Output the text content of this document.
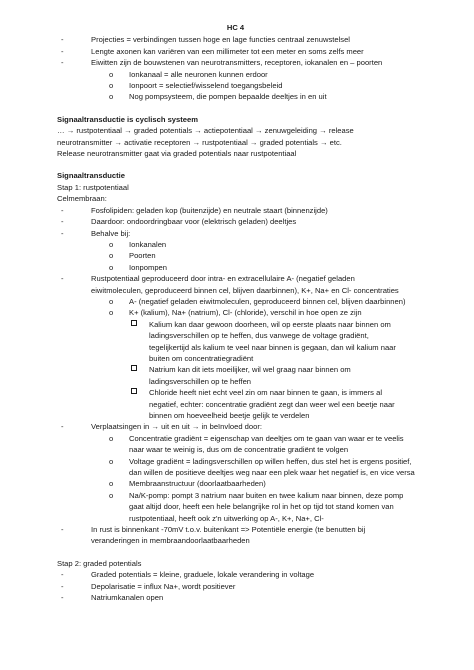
HC 4
-	Projecties = verbindingen tussen hoge en lage functies centraal zenuwstelsel
-	Lengte axonen kan variëren van een millimeter tot een meter en soms zelfs meer
-	Eiwitten zijn de bouwstenen van neurotransmitters, receptoren, iokanalen en – poorten
o Ionkanaal = alle neuronen kunnen erdoor
o Ionpoort = selectief/wisselend toegangsbeleid
o Nog pompsysteem, die pompen bepaalde deeltjes in en uit
Signaaltransductie is cyclisch systeem
… → rustpotentiaal → graded potentials → actiepotentiaal → zenuwgeleiding → release
neurotransmitter → activatie receptoren → rustpotentiaal → graded potentials → etc.
Release neurotransmitter gaat via graded potentials naar rustpotentiaal
Signaaltransductie
Stap 1: rustpotentiaal
Celmembraan:
-	Fosfolipiden: geladen kop (buitenzijde) en neutrale staart (binnenzijde)
-	Daardoor: ondoordringbaar voor (elektrisch geladen) deeltjes
-	Behalve bij:
o Ionkanalen
o Poorten
o Ionpompen
-	Rustpotentiaal geproduceerd door intra- en extracellulaire A- (negatief geladen
eiwitmoleculen, geproduceerd binnen cel, blijven daarbinnen), K+, Na+ en Cl- concentraties
o A- (negatief geladen eiwitmoleculen, geproduceerd binnen cel, blijven daarbinnen)
o K+ (kalium), Na+ (natrium), Cl- (chloride), verschil in hoe open ze zijn
Kalium kan daar gewoon doorheen, wil op eerste plaats naar binnen om
ladingsverschillen op te heffen, dus vanwege de voltage gradiënt,
tegelijkertijd als kalium te veel naar binnen is gegaan, dan wil kalium naar
buiten om concentratiegradiënt
Natrium kan dit iets moeilijker, wil wel graag naar binnen om
ladingsverschillen op te heffen
Chloride heeft niet echt veel zin om naar binnen te gaan, is immers al
negatief, echter: concentratie gradiënt zegt dan weer wel een beetje naar
binnen om hoeveelheid beetje gelijk te verdelen
-	Verplaatsingen in → uit en uit → in beïnvloed door:
o Concentratie gradiënt = eigenschap van deeltjes om te gaan van waar er te veelis
naar waar te weinig is, dus om de concentratie gradiënt te volgen
o Voltage gradiënt = ladingsverschillen op willen heffen, dus stel het is ergens positief,
dan willen de positieve deeltjes weg naar een plek waar het negatief is, en vice versa
o Membraanstructuur (doorlaatbaarheden)
o Na/K-pomp: pompt 3 natrium naar buiten en twee kalium naar binnen, deze pomp
gaat altijd door, heeft een hele belangrijke rol in het op tijd tot stand komen van
rustpotentiaal, heeft ook z'n uitwerking op A-, K+, Na+, Cl-
-	In rust is binnenkant -70mV t.o.v. buitenkant => Potentiële energie (te benutten bij
veranderingen in membraandoorlaatbaarheden
Stap 2: graded potentials
-	Graded potentials = kleine, graduele, lokale verandering in voltage
-	Depolarisatie = influx Na+, wordt positiever
-	Natriumkanalen open
